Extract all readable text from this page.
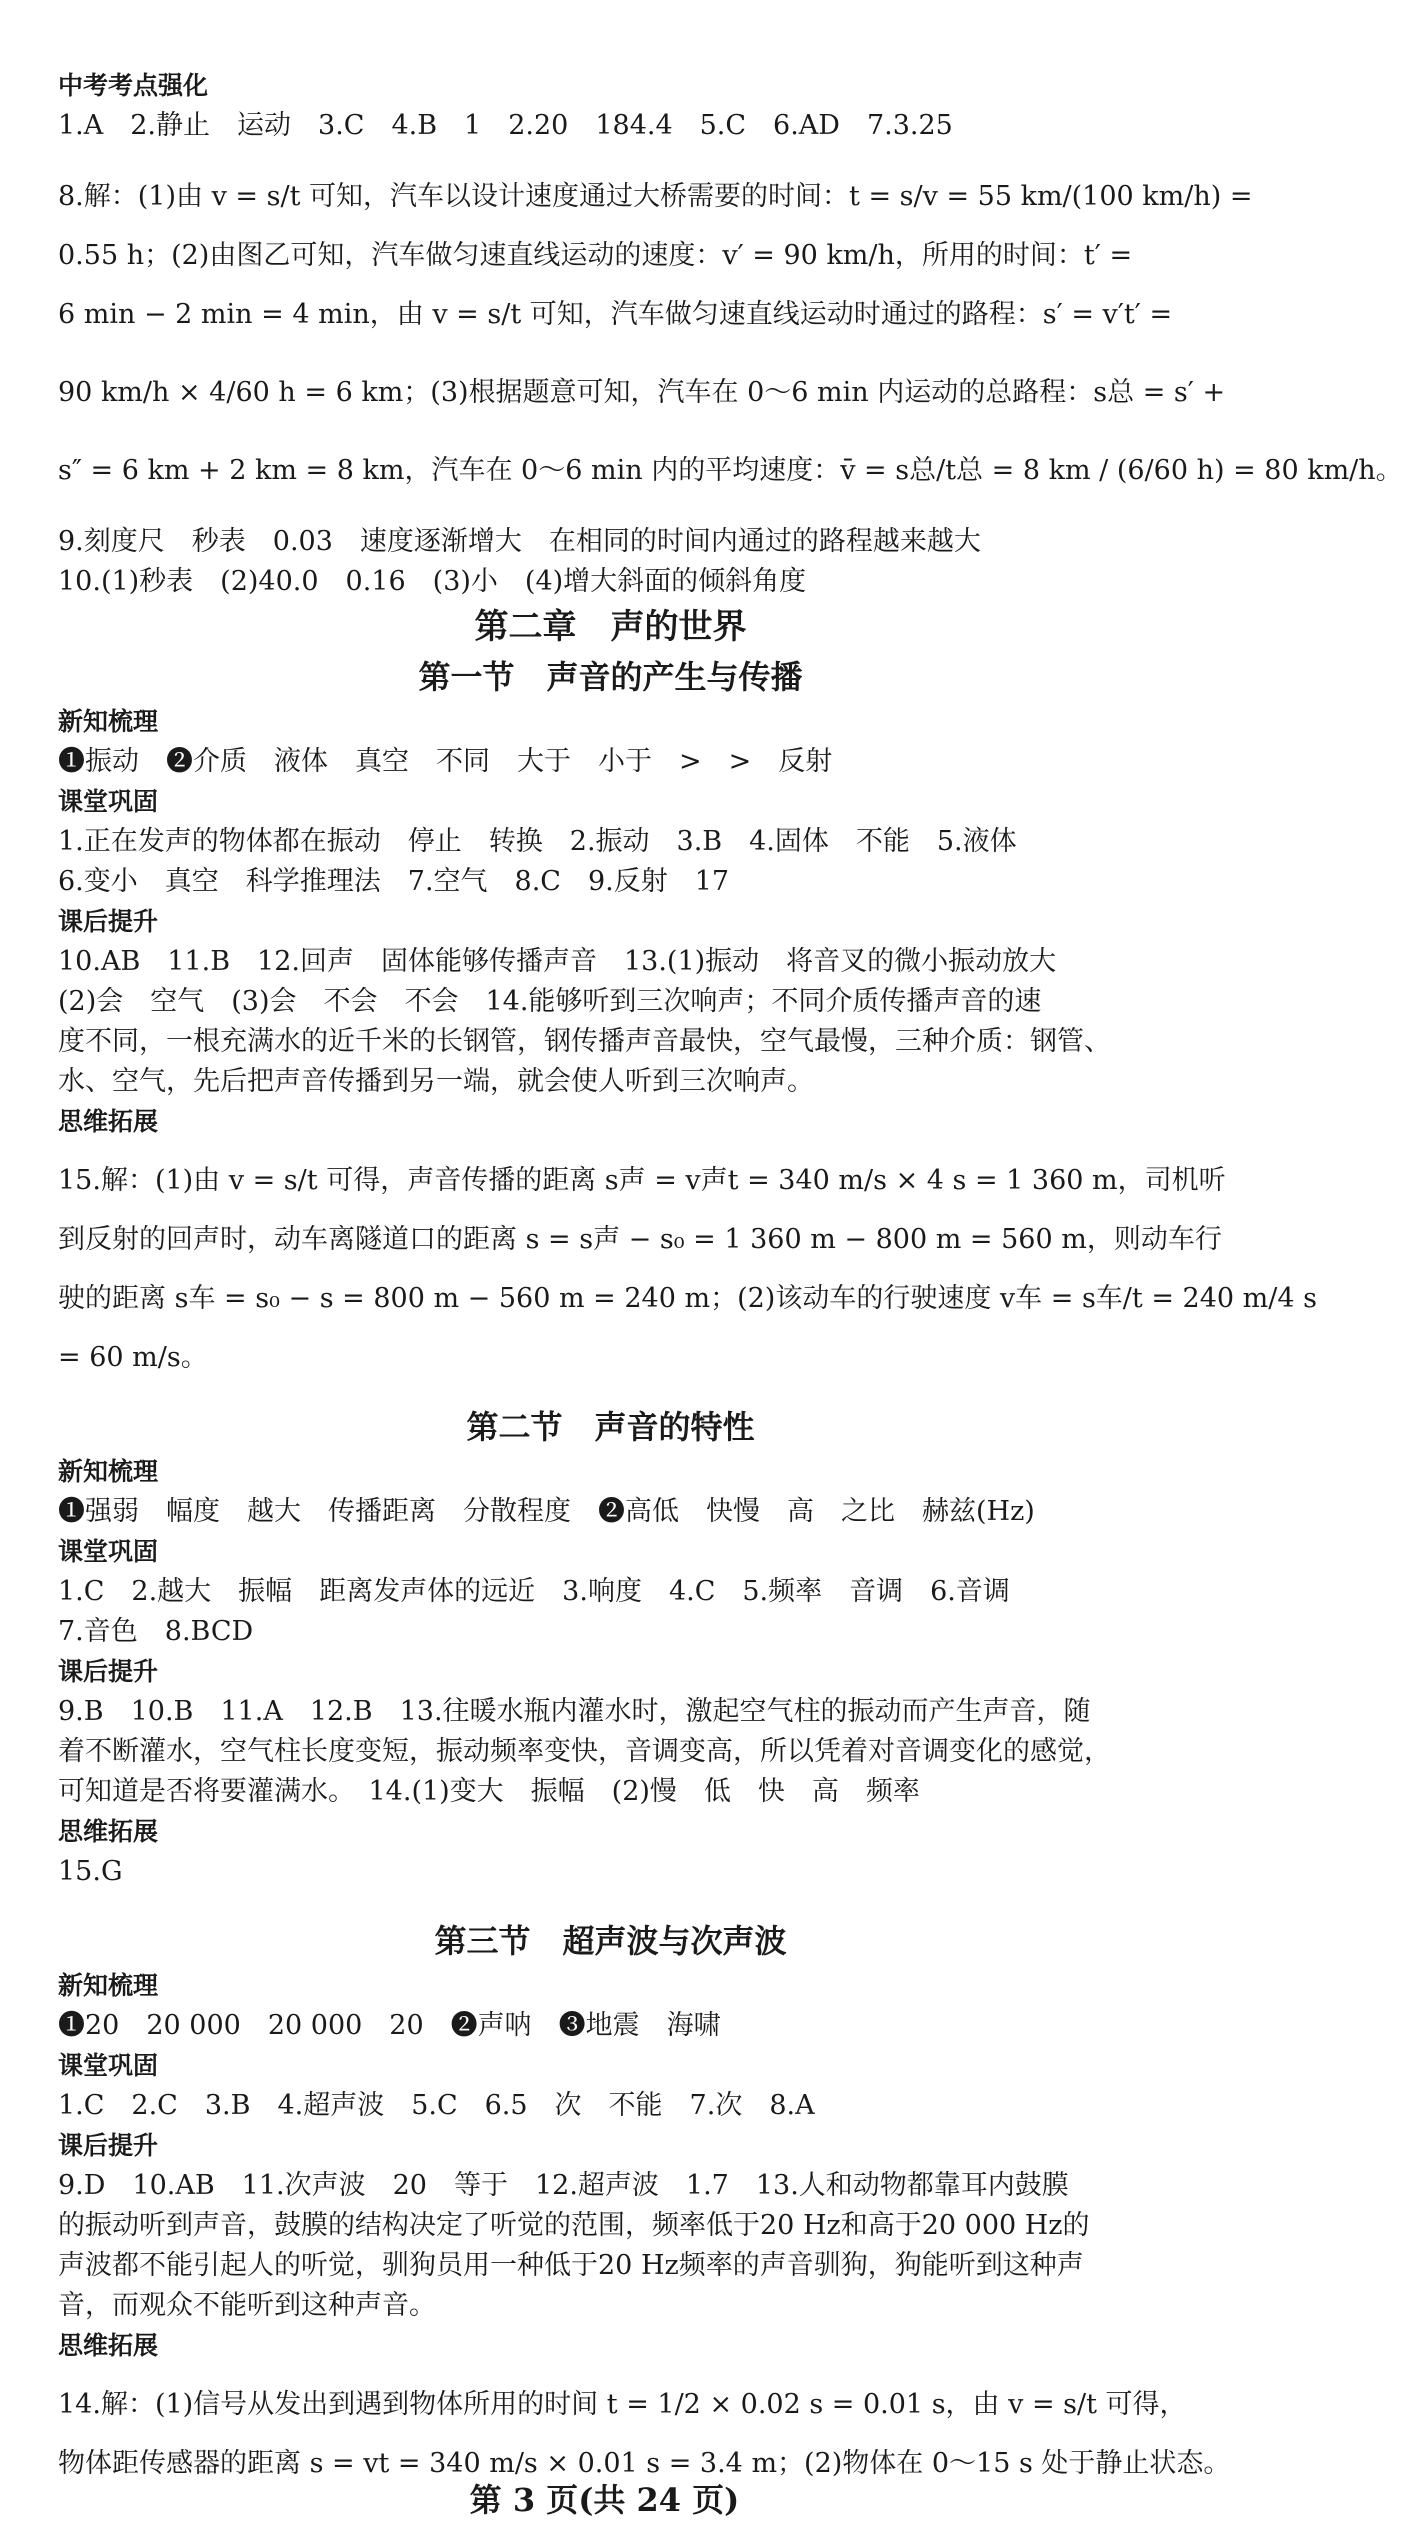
中考考点强化
1.A　2.静止　运动　3.C　4.B　1　2.20　184.4　5.C　6.AD　7.3.25
8.解：(1)由 v = s/t 可知，汽车以设计速度通过大桥需要的时间：t = s/v = 55 km/(100 km/h) =
0.55 h；(2)由图乙可知，汽车做匀速直线运动的速度：v′ = 90 km/h，所用的时间：t′ =
6 min − 2 min = 4 min，由 v = s/t 可知，汽车做匀速直线运动时通过的路程：s′ = v′t′ =
90 km/h × 4/60 h = 6 km；(3)根据题意可知，汽车在 0～6 min 内运动的总路程：s总 = s′ +
s″ = 6 km + 2 km = 8 km，汽车在 0～6 min 内的平均速度：v̄ = s总/t总 = 8 km / (6/60 h) = 80 km/h。
9.刻度尺　秒表　0.03　速度逐渐增大　在相同的时间内通过的路程越来越大
10.(1)秒表　(2)40.0　0.16　(3)小　(4)增大斜面的倾斜角度
第二章　声的世界
第一节　声音的产生与传播
新知梳理
❶振动　❷介质　液体　真空　不同　大于　小于　>　>　反射
课堂巩固
1.正在发声的物体都在振动　停止　转换　2.振动　3.B　4.固体　不能　5.液体
6.变小　真空　科学推理法　7.空气　8.C　9.反射　17
课后提升
10.AB　11.B　12.回声　固体能够传播声音　13.(1)振动　将音叉的微小振动放大
(2)会　空气　(3)会　不会　不会　14.能够听到三次响声；不同介质传播声音的速
度不同，一根充满水的近千米的长钢管，钢传播声音最快，空气最慢，三种介质：钢管、
水、空气，先后把声音传播到另一端，就会使人听到三次响声。
思维拓展
15.解：(1)由 v = s/t 可得，声音传播的距离 s声 = v声t = 340 m/s × 4 s = 1 360 m，司机听
到反射的回声时，动车离隧道口的距离 s = s声 − s₀ = 1 360 m − 800 m = 560 m，则动车行
驶的距离 s车 = s₀ − s = 800 m − 560 m = 240 m；(2)该动车的行驶速度 v车 = s车/t = 240 m/4 s
= 60 m/s。
第二节　声音的特性
新知梳理
❶强弱　幅度　越大　传播距离　分散程度　❷高低　快慢　高　之比　赫兹(Hz)
课堂巩固
1.C　2.越大　振幅　距离发声体的远近　3.响度　4.C　5.频率　音调　6.音调
7.音色　8.BCD
课后提升
9.B　10.B　11.A　12.B　13.往暖水瓶内灌水时，激起空气柱的振动而产生声音，随
着不断灌水，空气柱长度变短，振动频率变快，音调变高，所以凭着对音调变化的感觉，
可知道是否将要灌满水。　14.(1)变大　振幅　(2)慢　低　快　高　频率
思维拓展
15.G
第三节　超声波与次声波
新知梳理
❶20　20 000　20 000　20　❷声呐　❸地震　海啸
课堂巩固
1.C　2.C　3.B　4.超声波　5.C　6.5　次　不能　7.次　8.A
课后提升
9.D　10.AB　11.次声波　20　等于　12.超声波　1.7　13.人和动物都靠耳内鼓膜
的振动听到声音，鼓膜的结构决定了听觉的范围，频率低于20 Hz和高于20 000 Hz的
声波都不能引起人的听觉，驯狗员用一种低于20 Hz频率的声音驯狗，狗能听到这种声
音，而观众不能听到这种声音。
思维拓展
14.解：(1)信号从发出到遇到物体所用的时间 t = 1/2 × 0.02 s = 0.01 s，由 v = s/t 可得，
物体距传感器的距离 s = vt = 340 m/s × 0.01 s = 3.4 m；(2)物体在 0～15 s 处于静止状态。
第 3 页(共 24 页)
